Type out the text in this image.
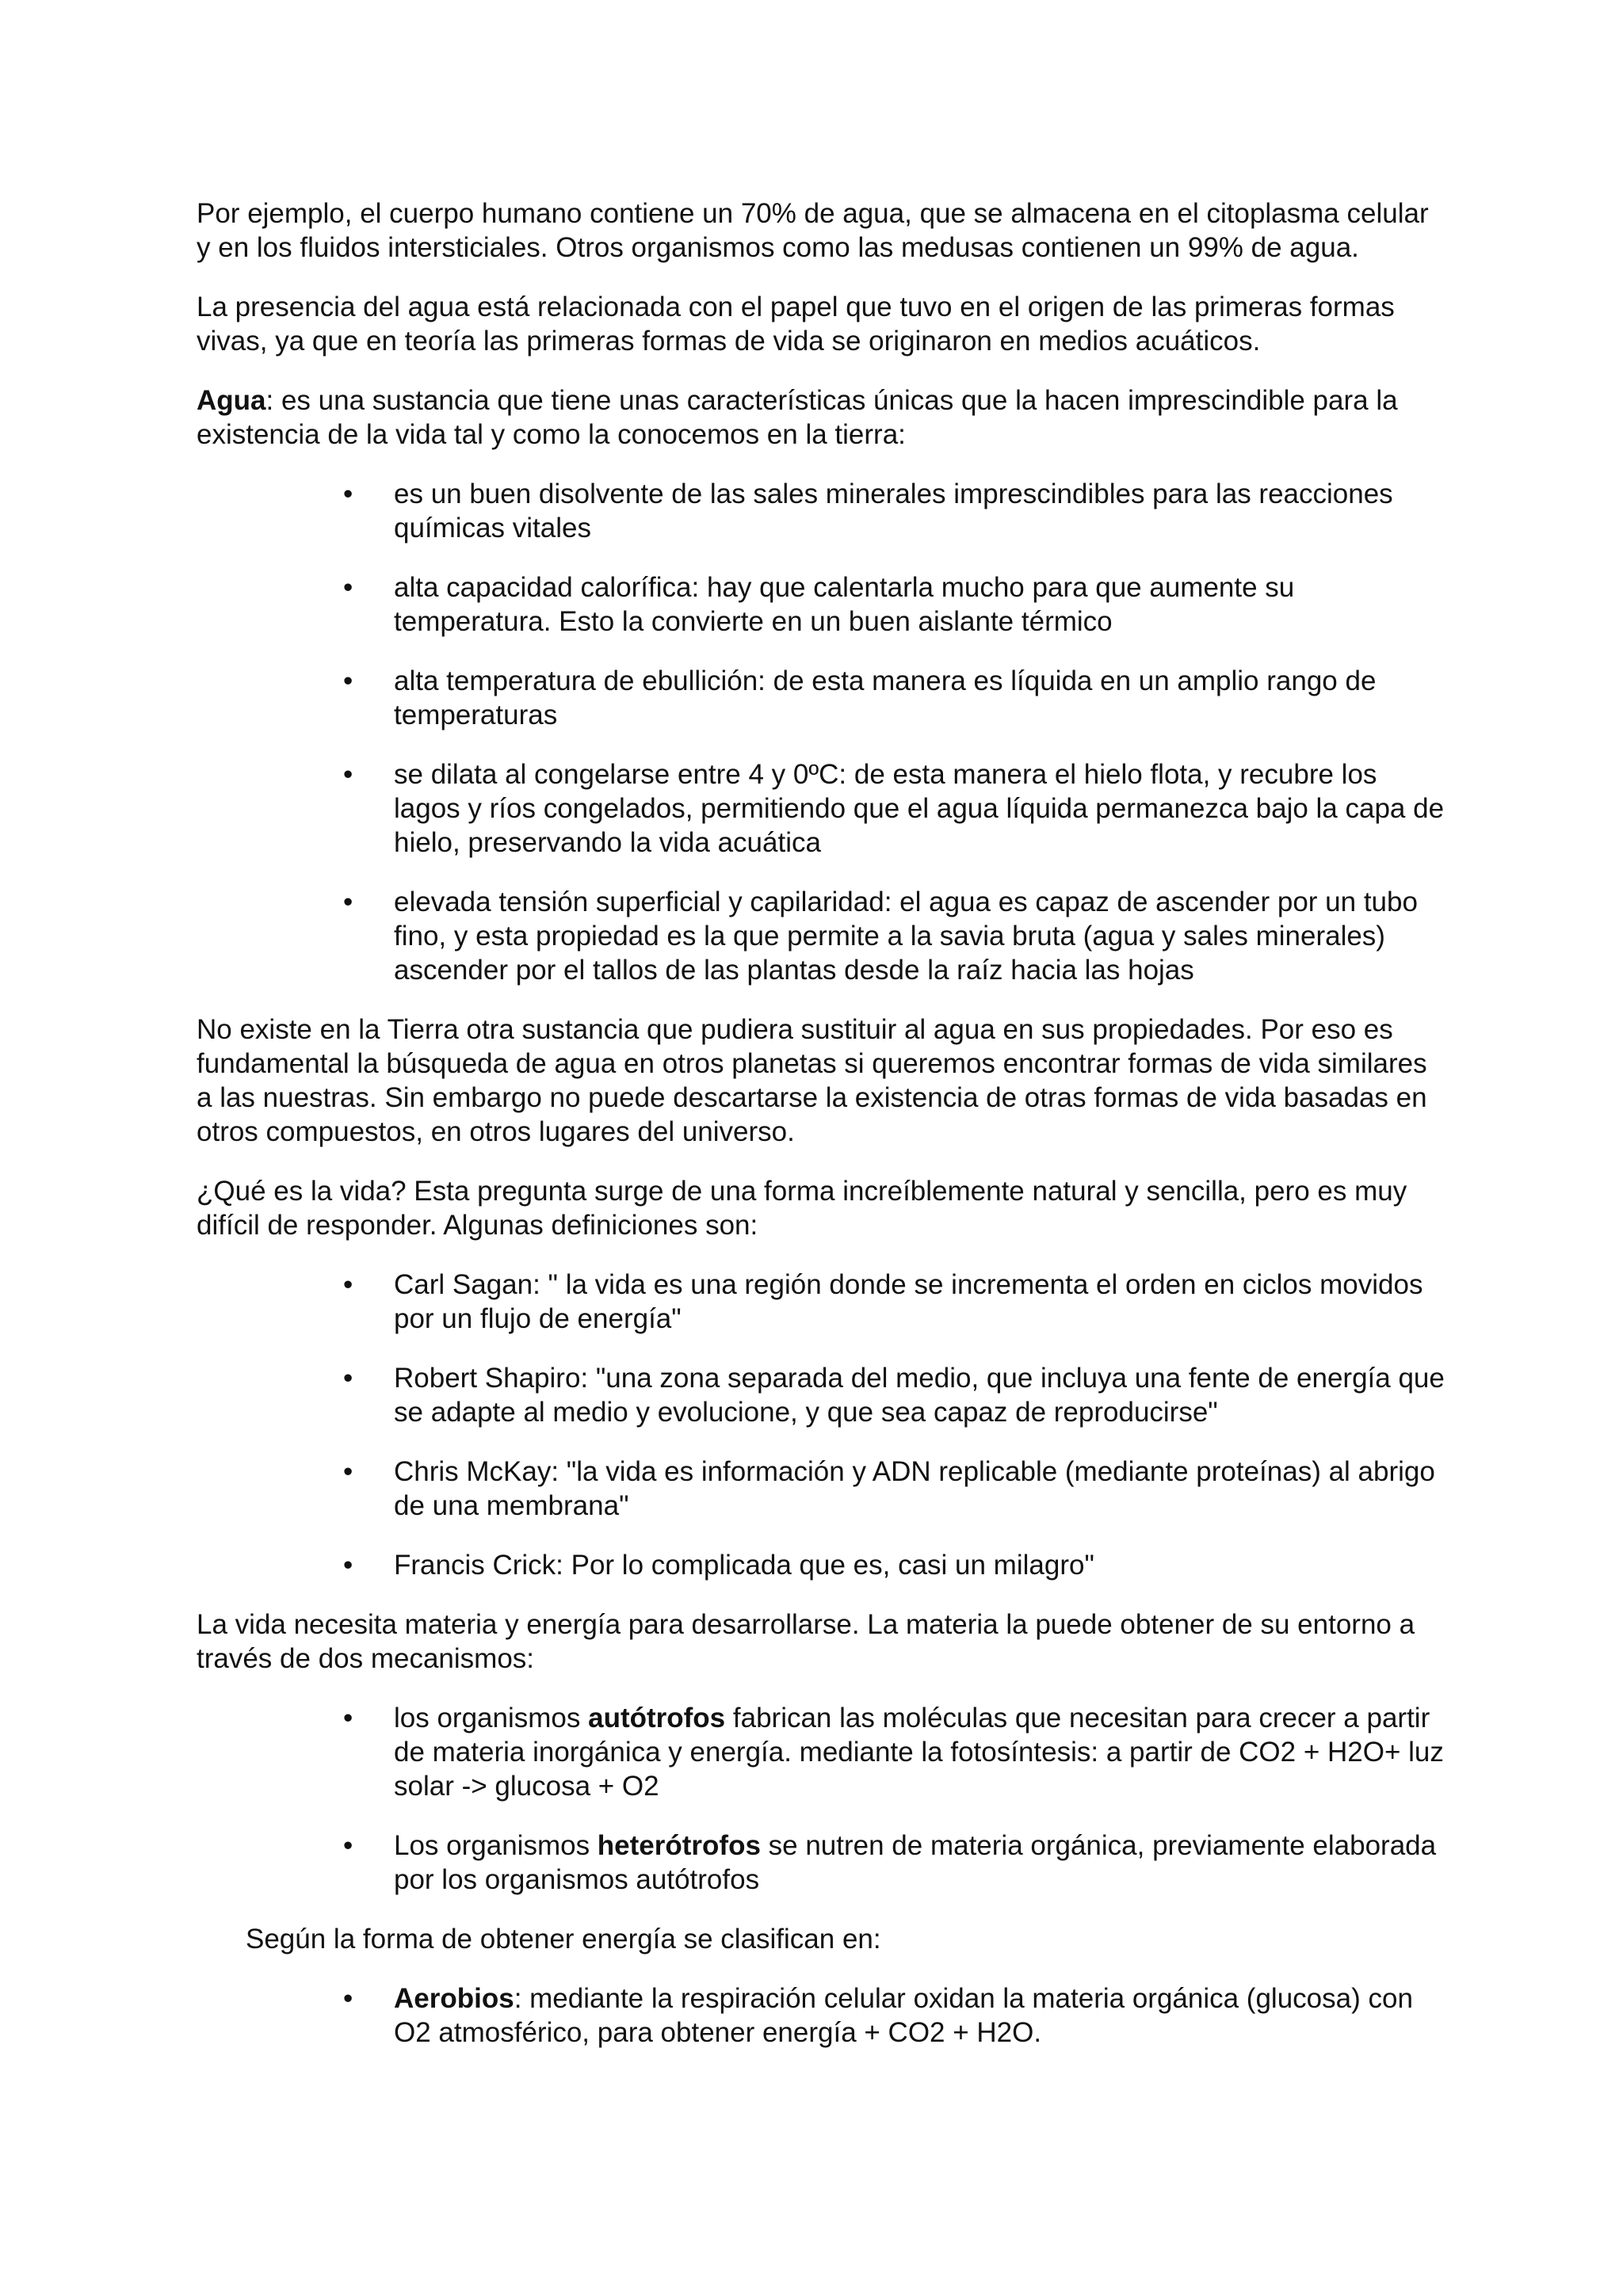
Por ejemplo, el cuerpo humano contiene un 70% de agua, que se almacena en el citoplasma celular y en los fluidos intersticiales. Otros organismos como las medusas contienen un 99% de agua.

La presencia del agua está relacionada con el papel que tuvo en el origen de las primeras formas vivas, ya que en teoría las primeras formas de vida se originaron en medios acuáticos.

Agua: es una sustancia que tiene unas características únicas que la hacen imprescindible para la existencia de la vida tal y como la conocemos en la tierra:

• es un buen disolvente de las sales minerales imprescindibles para las reacciones químicas vitales
• alta capacidad calorífica: hay que calentarla mucho para que aumente su temperatura. Esto la convierte en un buen aislante térmico
• alta temperatura de ebullición: de esta manera es líquida en un amplio rango de temperaturas
• se dilata al congelarse entre 4 y 0ºC: de esta manera el hielo flota, y recubre los lagos y ríos congelados, permitiendo que el agua líquida permanezca bajo la capa de hielo, preservando la vida acuática
• elevada tensión superficial y capilaridad: el agua es capaz de ascender por un tubo fino, y esta propiedad es la que permite a la savia bruta (agua y sales minerales) ascender por el tallos de las plantas desde la raíz hacia las hojas

No existe en la Tierra otra sustancia que pudiera sustituir al agua en sus propiedades. Por eso es fundamental la búsqueda de agua en otros planetas si queremos encontrar formas de vida similares a las nuestras. Sin embargo no puede descartarse la existencia de otras formas de vida basadas en otros compuestos, en otros lugares del universo.

¿Qué es la vida? Esta pregunta surge de una forma increíblemente natural y sencilla, pero es muy difícil de responder. Algunas definiciones son:

• Carl Sagan: " la vida es una región donde se incrementa el orden en ciclos movidos por un flujo de energía"
• Robert Shapiro: "una zona separada del medio, que incluya una fente de energía que se adapte al medio y evolucione, y que sea capaz de reproducirse"
• Chris McKay: "la vida es información y ADN replicable (mediante proteínas) al abrigo de una membrana"
• Francis Crick: Por lo complicada que es, casi un milagro"

La vida necesita materia y energía para desarrollarse. La materia la puede obtener de su entorno a través de dos mecanismos:

• los organismos autótrofos fabrican las moléculas que necesitan para crecer a partir de materia inorgánica y energía. mediante la fotosíntesis: a partir de CO2 + H2O+ luz solar -> glucosa + O2
• Los organismos heterótrofos se nutren de materia orgánica, previamente elaborada por los organismos autótrofos

Según la forma de obtener energía se clasifican en:

• Aerobios: mediante la respiración celular oxidan la materia orgánica (glucosa) con O2 atmosférico, para obtener energía + CO2 + H2O.
